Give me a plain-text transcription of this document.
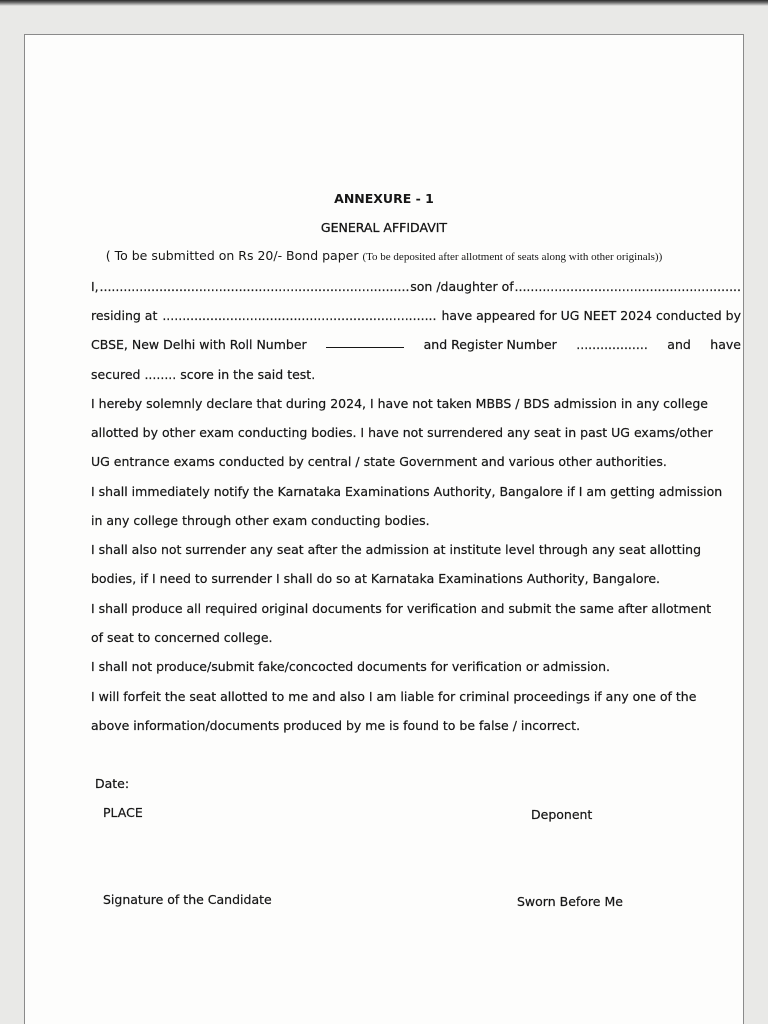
ANNEXURE - 1
GENERAL AFFIDAVIT
( To be submitted on Rs 20/- Bond paper (To be deposited after allotment of seats along with other originals))
I, .............................................................................. son /daughter of .........................................................
residing at ..................................................................... have appeared for UG NEET 2024 conducted by
CBSE, New Delhi with Roll Number	and Register Number .................. and have
secured ........ score in the said test.
I hereby solemnly declare that during 2024, I have not taken MBBS / BDS admission in any college
allotted by other exam conducting bodies. I have not surrendered any seat in past UG exams/other
UG entrance exams conducted by central / state Government and various other authorities.
I shall immediately notify the Karnataka Examinations Authority, Bangalore if I am getting admission
in any college through other exam conducting bodies.
I shall also not surrender any seat after the admission at institute level through any seat allotting
bodies, if I need to surrender I shall do so at Karnataka Examinations Authority, Bangalore.
I shall produce all required original documents for verification and submit the same after allotment
of seat to concerned college.
I shall not produce/submit fake/concocted documents for verification or admission.
I will forfeit the seat allotted to me and also I am liable for criminal proceedings if any one of the
above information/documents produced by me is found to be false / incorrect.
Date:
PLACE	Deponent
Signature of the Candidate	Sworn Before Me
